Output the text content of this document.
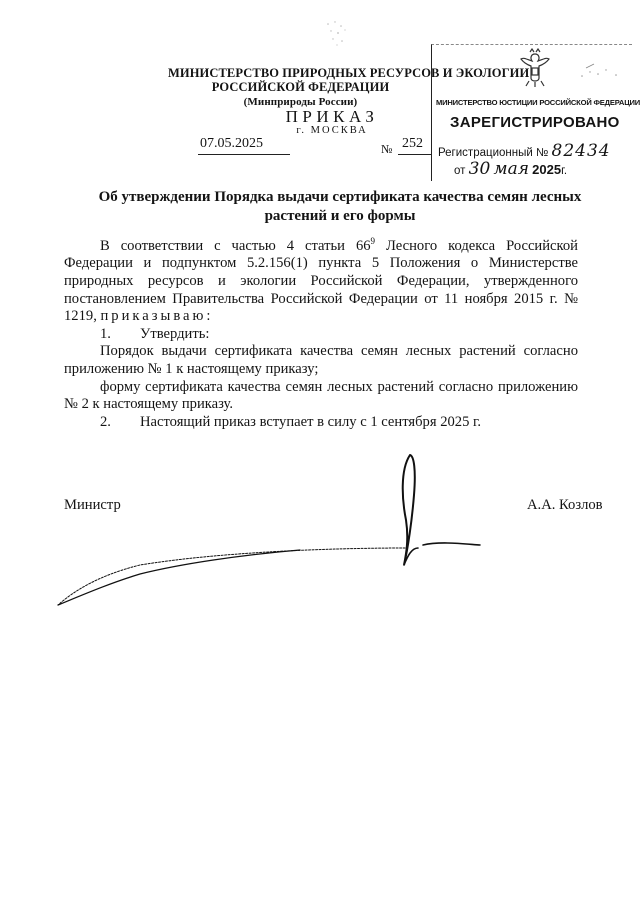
МИНИСТЕРСТВО ПРИРОДНЫХ РЕСУРСОВ И ЭКОЛОГИИ
РОССИЙСКОЙ ФЕДЕРАЦИИ
(Минприроды России)
ПРИКАЗ
г. МОСКВА
07.05.2025	№ 252
МИНИСТЕРСТВО ЮСТИЦИИ РОССИЙСКОЙ ФЕДЕРАЦИИ
ЗАРЕГИСТРИРОВАНО
Регистрационный № 82434
от 30 мая 2025г.
Об утверждении Порядка выдачи сертификата качества семян лесных растений и его формы

В соответствии с частью 4 статьи $66^9$ Лесного кодекса Российской Федерации и подпунктом 5.2.156(1) пункта 5 Положения о Министерстве природных ресурсов и экологии Российской Федерации, утвержденного постановлением Правительства Российской Федерации от 11 ноября 2015 г. № 1219, приказываю:

1.	Утвердить:

Порядок выдачи сертификата качества семян лесных растений согласно приложению № 1 к настоящему приказу;

форму сертификата качества семян лесных растений согласно приложению № 2 к настоящему приказу.

2.	Настоящий приказ вступает в силу с 1 сентября 2025 г.

Министр	А.А. Козлов
